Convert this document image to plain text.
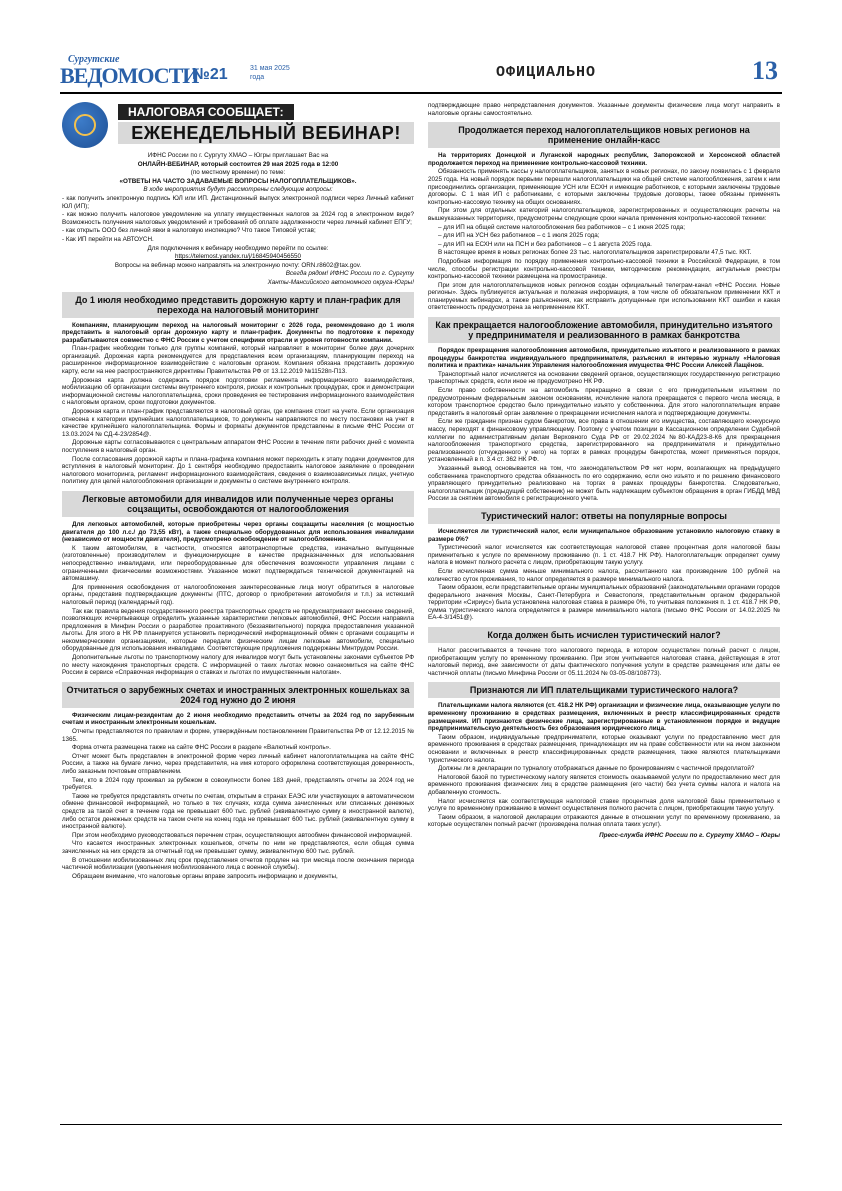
Сургутские
ВЕДОМОСТИ
№21	31 мая 2025 года	ОФИЦИАЛЬНО	13
НАЛОГОВАЯ СООБЩАЕТ:
ЕЖЕНЕДЕЛЬНЫЙ ВЕБИНАР!

ИФНС России по г. Сургуту ХМАО – Югры приглашает Вас на

ОНЛАЙН-ВЕБИНАР, который состоится 29 мая 2025 года в 12:00

(по местному времени) по теме:

«ОТВЕТЫ НА ЧАСТО ЗАДАВАЕМЫЕ ВОПРОСЫ НАЛОГОПЛАТЕЛЬЩИКОВ».

В ходе мероприятия будут рассмотрены следующие вопросы:

- как получить электронную подпись ЮЛ или ИП. Дистанционный выпуск электронной подписи через Личный кабинет ЮЛ (ИП);

- как можно получить налоговое уведомление на уплату имущественных налогов за 2024 год в электронном виде? Возможность получения налоговых уведомлений и требований об оплате задолженности через личный кабинет ЕПГУ;

- как открыть ООО без личной явки в налоговую инспекцию? Что такое Типовой устав;

- Как ИП перейти на АВТОУСН.

Для подключения к вебинару необходимо перейти по ссылке:

https://telemost.yandex.ru/j/16845940456550

Вопросы на вебинар можно направлять на электронную почту: ORN.r8602@tax.gov.

Всегда рядом! ИФНС России по г. Сургуту

Ханты-Мансийского автономного округа-Югры!

До 1 июля необходимо представить дорожную карту и план-график для перехода на налоговый мониторинг

Компаниям, планирующим переход на налоговый мониторинг с 2026 года, рекомендовано до 1 июля представить в налоговый орган дорожную карту и план-график. Документы по подготовке к переходу разрабатываются совместно с ФНС России с учетом специфики отрасли и уровня готовности компании.

План-график необходим только для группы компаний, который направляет в мониторинг более двух дочерних организаций. Дорожная карта рекомендуется для представления всем организациям, планирующим переход на расширенное информационное взаимодействие с налоговым органом. Компания обязана представить дорожную карту, если на нее распространяются директивы Правительства РФ от 13.12.2019 №11528п-П13.

Дорожная карта должна содержать порядок подготовки регламента информационного взаимодействия, мобилизацию об организации системы внутреннего контроля, рисках и контрольных процедурах, срок и демонстрации информационной системы налогоплательщика, сроки проведения ее тестирования информационного взаимодействия с налоговым органом, сроки подготовки документов.

Дорожная карта и план-график представляются в налоговый орган, где компания стоит на учете. Если организация отнесена к категории крупнейших налогоплательщиков, то документы направляются по месту постановки на учет в качестве крупнейшего налогоплательщика. Формы и форматы документов представлены в письме ФНС России от 13.03.2024 № СД-4-23/2854@.

Дорожные карты согласовываются с центральным аппаратом ФНС России в течение пяти рабочих дней с момента поступления в налоговый орган.

После согласования дорожной карты и плана-графика компания может переходить к этапу подачи документов для вступления в налоговый мониторинг. До 1 сентября необходимо предоставить налоговое заявление о проведении налогового мониторинга, регламент информационного взаимодействия, сведения о взаимозависимых лицах, учетную политику для целей налогообложения организации и документы о системе внутреннего контроля.

Легковые автомобили для инвалидов или полученные через органы соцзащиты, освобождаются от налогообложения

Для легковых автомобилей, которые приобретены через органы соцзащиты населения (с мощностью двигателя до 100 л.с./ до 73,55 кВт), а также специально оборудованных для использования инвалидами (независимо от мощности двигателя), предусмотрено освобождение от налогообложения.

К таким автомобилям, в частности, относятся автотранспортные средства, изначально выпущенные (изготовленные) производителем и функционирующие в качестве предназначенных для использования непосредственно инвалидами, или переоборудованные для обеспечения возможности управления лицами с ограниченными физическими возможностями. Указанное может подтверждаться технической документацией на автомашину.

Для применения освобождения от налогообложения заинтересованные лица могут обратиться в налоговые органы, представив подтверждающие документы (ПТС, договор о приобретении автомобиля и т.п.) за истекший налоговый период (календарный год).

Так как правила ведения государственного реестра транспортных средств не предусматривают внесение сведений, позволяющих исчерпывающе определить указанные характеристики легковых автомобилей, ФНС России направила предложения в Минфин России о разработке проактивного (беззаявительного) порядка предоставления указанной льготы. Для этого в НК РФ планируется установить периодический информационный обмен с органами соцзащиты и некоммерческими организациями, которые передали физическим лицам легковые автомобили, специально оборудованные для использования инвалидами. Соответствующие предложения поддержаны Минтрудом России.

Дополнительные льготы по транспортному налогу для инвалидов могут быть установлены законами субъектов РФ по месту нахождения транспортных средств. С информацией о таких льготах можно ознакомиться на сайте ФНС России в сервисе «Справочная информация о ставках и льготах по имущественным налогам».

Отчитаться о зарубежных счетах и иностранных электронных кошельках за 2024 год нужно до 2 июня

Физическим лицам-резидентам до 2 июня необходимо представить отчеты за 2024 год по зарубежным счетам и иностранным электронным кошелькам.

Отчеты представляются по правилам и форме, утверждённым постановлением Правительства РФ от 12.12.2015 № 1365.

Форма отчета размещена также на сайте ФНС России в разделе «Валютный контроль».

Отчет может быть представлен в электронной форме через личный кабинет налогоплательщика на сайте ФНС России, а также на бумаге лично, через представителя, на имя которого оформлена соответствующая доверенность, либо заказным почтовым отправлением.

Тем, кто в 2024 году проживал за рубежом в совокупности более 183 дней, представлять отчеты за 2024 год не требуется.

Также не требуется представлять отчеты по счетам, открытым в странах ЕАЭС или участвующих в автоматическом обмене финансовой информацией, но только в тех случаях, когда сумма зачисленных или списанных денежных средств за такой счет в течение года не превышает 600 тыс. рублей (эквивалентную сумму в иностранной валюте), либо остаток денежных средств на таком счете на конец года не превышает 600 тыс. рублей (эквивалентную сумму в иностранной валюте).

При этом необходимо руководствоваться перечнем стран, осуществляющих автообмен финансовой информацией.

Что касается иностранных электронных кошельков, отчеты по ним не представляются, если общая сумма зачисленных на них средств за отчетный год не превышает сумму, эквивалентную 600 тыс. рублей.

В отношении мобилизованных лиц срок представления отчетов продлен на три месяца после окончания периода частичной мобилизации (увольнения мобилизованного лица с военной службы).

Обращаем внимание, что налоговые органы вправе запросить информацию и документы,

подтверждающие право непредставления документов. Указанные документы физические лица могут направить в налоговые органы самостоятельно.

Продолжается переход налогоплательщиков новых регионов на применение онлайн-касс

На территориях Донецкой и Луганской народных республик, Запорожской и Херсонской областей продолжается переход на применение контрольно-кассовой техники.

Обязанность применять кассы у налогоплательщиков, занятых в новых регионах, по закону появилась с 1 февраля 2025 года. На новый порядок первыми перешли налогоплательщики на общей системе налогообложения, затем к ним присоединились организации, применяющие УСН или ЕСХН и имеющие работников, с которыми заключены трудовые договоры. С 1 мая ИП с работниками, с которыми заключены трудовые договоры, также обязаны применять контрольно-кассовую технику на общих основаниях.

При этом для отдельных категорий налогоплательщиков, зарегистрированных и осуществляющих расчеты на вышеуказанных территориях, предусмотрены следующие сроки начала применения контрольно-кассовой техники:

– для ИП на общей системе налогообложения без работников – с 1 июня 2025 года;

– для ИП на УСН без работников – с 1 июля 2025 года;

– для ИП на ЕСХН или на ПСН и без работников – с 1 августа 2025 года.

В настоящее время в новых регионах более 23 тыс. налогоплательщиков зарегистрировали 47,5 тыс. ККТ.

Подробная информация по порядку применения контрольно-кассовой техники в Российской Федерации, в том числе, способы регистрации контрольно-кассовой техники, методические рекомендации, актуальные реестры контрольно-кассовой техники размещена на промостранице.

При этом для налогоплательщиков новых регионов создан официальный телеграм-канал «ФНС России. Новые регионы». Здесь публикуется актуальная и полезная информация, в том числе об обязательном применении ККТ и планируемых вебинарах, а также разъяснения, как исправить допущенные при использовании ККТ ошибки и какая ответственность предусмотрена за неприменение ККТ.

Как прекращается налогообложение автомобиля, принудительно изъятого у предпринимателя и реализованного в рамках банкротства

Порядок прекращения налогообложения автомобиля, принудительно изъятого и реализованного в рамках процедуры банкротства индивидуального предпринимателя, разъяснил в интервью журналу «Налоговая политика и практика» начальник Управления налогообложения имущества ФНС России Алексей Лащёнов.

Транспортный налог исчисляется на основании сведений органов, осуществляющих государственную регистрацию транспортных средств, если иное не предусмотрено НК РФ.

Если право собственности на автомобиль прекращено в связи с его принудительным изъятием по предусмотренным федеральным законом основаниям, исчисление налога прекращается с первого числа месяца, в котором транспортное средство было принудительно изъято у собственника. Для этого налогоплательщик вправе представить в налоговый орган заявление о прекращении исчисления налога и подтверждающие документы.

Если же гражданин признан судом банкротом, все права в отношении его имущества, составляющего конкурсную массу, переходят к финансовому управляющему. Поэтому с учетом позиции в Кассационном определении Судебной коллегии по административным делам Верховного Суда РФ от 29.02.2024 №80-КАД23-8-К6 для прекращения налогообложения транспортного средства, зарегистрированного на предпринимателя и принудительно реализованного (отчужденного у него) на торгах в рамках процедуры банкротства, может применяться порядок, установленный в п. 3.4 ст. 362 НК РФ.

Указанный вывод основывается на том, что законодательством РФ нет норм, возлагающих на предыдущего собственника транспортного средства обязанность по его содержанию, если оно изъято и по решению финансового управляющего принудительно реализовано на торгах в рамках процедуры банкротства. Следовательно, налогоплательщик (предыдущий собственник) не может быть надлежащим субъектом обращения в орган ГИБДД МВД России за снятием автомобиля с регистрационного учета.

Туристический налог: ответы на популярные вопросы

Исчисляется ли туристический налог, если муниципальное образование установило налоговую ставку в размере 0%?

Туристический налог исчисляется как соответствующая налоговой ставке процентная доля налоговой базы применительно к услуге по временному проживанию (п. 1 ст. 418.7 НК РФ). Налогоплательщик определяет сумму налога в момент полного расчета с лицом, приобретающим такую услугу.

Если исчисленная сумма меньше минимального налога, рассчитанного как произведение 100 рублей на количество суток проживания, то налог определяется в размере минимального налога.

Таким образом, если представительные органы муниципальных образований (законодательными органами городов федерального значения Москвы, Санкт-Петербурга и Севастополя, представительным органом федеральной территории «Сириус») была установлена налоговая ставка в размере 0%, то учитывая положения п. 1 ст. 418.7 НК РФ, сумма туристического налога определяется в размере минимального налога (письмо ФНС России от 14.02.2025 № ЕА-4-3/1451@).

Когда должен быть исчислен туристический налог?

Налог рассчитывается в течение того налогового периода, в котором осуществлен полный расчет с лицом, приобретающим услугу по временному проживанию. При этом учитывается налоговая ставка, действующая в этот налоговый период, вне зависимости от даты фактического получения услуги в средстве размещения или даты ее частичной оплаты (письмо Минфина России от 05.11.2024 № 03-05-08/108773).

Признаются ли ИП плательщиками туристического налога?

Плательщиками налога являются (ст. 418.2 НК РФ) организации и физические лица, оказывающие услуги по временному проживанию в средствах размещения, включенных в реестр классифицированных средств размещения. ИП признаются физические лица, зарегистрированные в установленном порядке и ведущие предпринимательскую деятельность без образования юридического лица.

Таким образом, индивидуальные предприниматели, которые оказывают услуги по предоставлению мест для временного проживания в средствах размещения, принадлежащих им на праве собственности или на ином законном основании и включенных в реестр классифицированных средств размещения, также являются плательщиками туристического налога.

Должны ли в декларации по турналогу отображаться данные по бронированиям с частичной предоплатой?

Налоговой базой по туристическому налогу является стоимость оказываемой услуги по предоставлению мест для временного проживания физических лиц в средстве размещения (его части) без учета суммы налога и налога на добавленную стоимость.

Налог исчисляется как соответствующая налоговой ставке процентная доля налоговой базы применительно к услуге по временному проживанию в момент осуществления полного расчета с лицом, приобретающим такую услугу.

Таким образом, в налоговой декларации отражаются данные в отношении услуг по временному проживанию, за которые осуществлен полный расчет (произведена полная оплата таких услуг).

Пресс-служба ИФНС России по г. Сургуту ХМАО – Югры
